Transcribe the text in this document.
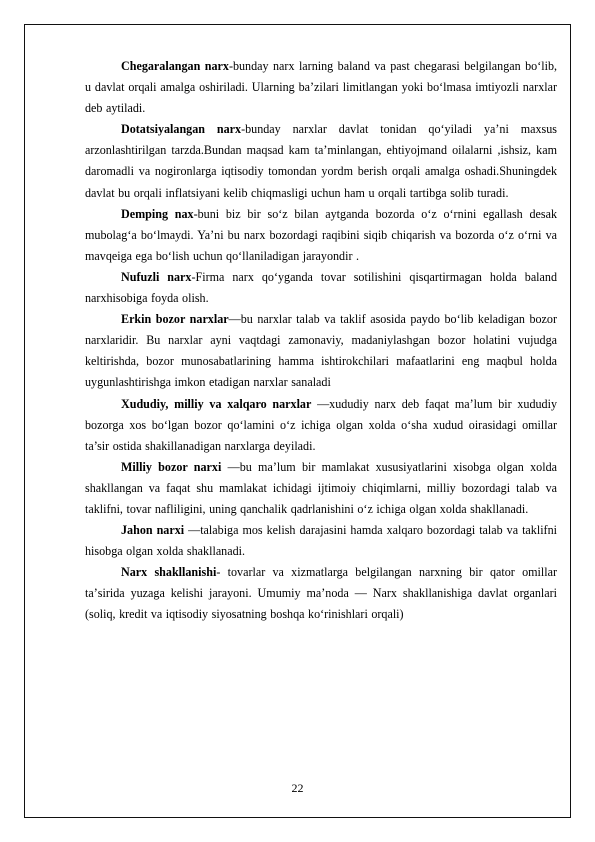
Chegaralangan narx-bunday narx larning baland va past chegarasi belgilangan bo‘lib, u davlat orqali amalga oshiriladi. Ularning ba’zilari limitlangan yoki bo‘lmasa imtiyozli narxlar deb aytiladi.

Dotatsiyalangan narx-bunday narxlar davlat tonidan qo‘yiladi ya’ni maxsus arzonlashtirilgan tarzda.Bundan maqsad kam ta’minlangan, ehtiyojmand oilalarni ,ishsiz, kam daromadli va nogironlarga iqtisodiy tomondan yordm berish orqali amalga oshadi.Shuningdek davlat bu orqali inflatsiyani kelib chiqmasligi uchun ham u orqali tartibga solib turadi.

Demping nax-buni biz bir so‘z bilan aytganda bozorda o‘z o‘rnini egallash desak mubolag‘a bo‘lmaydi. Ya’ni bu narx bozordagi raqibini siqib chiqarish va bozorda o‘z o‘rni va mavqeiga ega bo‘lish uchun qo‘llaniladigan jarayondir .

Nufuzli narx-Firma narx qo‘yganda tovar sotilishini qisqartirmagan holda baland narxhisobiga foyda olish.

Erkin bozor narxlar—bu narxlar talab va taklif asosida paydo bo‘lib keladigan bozor narxlaridir. Bu narxlar ayni vaqtdagi zamonaviy, madaniylashgan bozor holatini vujudga keltirishda, bozor munosabatlarining hamma ishtirokchilari mafaatlarini eng maqbul holda uygunlashtirishga imkon etadigan narxlar sanaladi

Xududiy, milliy va xalqaro narxlar —xududiy narx deb faqat ma’lum bir xududiy bozorga xos bo‘lgan bozor qo‘lamini o‘z ichiga olgan xolda o‘sha xudud oirasidagi omillar ta’sir ostida shakillanadigan narxlarga deyiladi.

Milliy bozor narxi —bu ma’lum bir mamlakat xususiyatlarini xisobga olgan xolda shakllangan va faqat shu mamlakat ichidagi ijtimoiy chiqimlarni, milliy bozordagi talab va taklifni, tovar nafliligini, uning qanchalik qadrlanishini o‘z ichiga olgan xolda shakllanadi.

Jahon narxi —talabiga mos kelish darajasini hamda xalqaro bozordagi talab va taklifni hisobga olgan xolda shakllanadi.

Narx shakllanishi- tovarlar va xizmatlarga belgilangan narxning bir qator omillar taʼsirida yuzaga kelishi jarayoni. Umumiy maʼnoda — Narx shakllanishiga davlat organlari (soliq, kredit va iqtisodiy siyosatning boshqa koʻrinishlari orqali)

22
